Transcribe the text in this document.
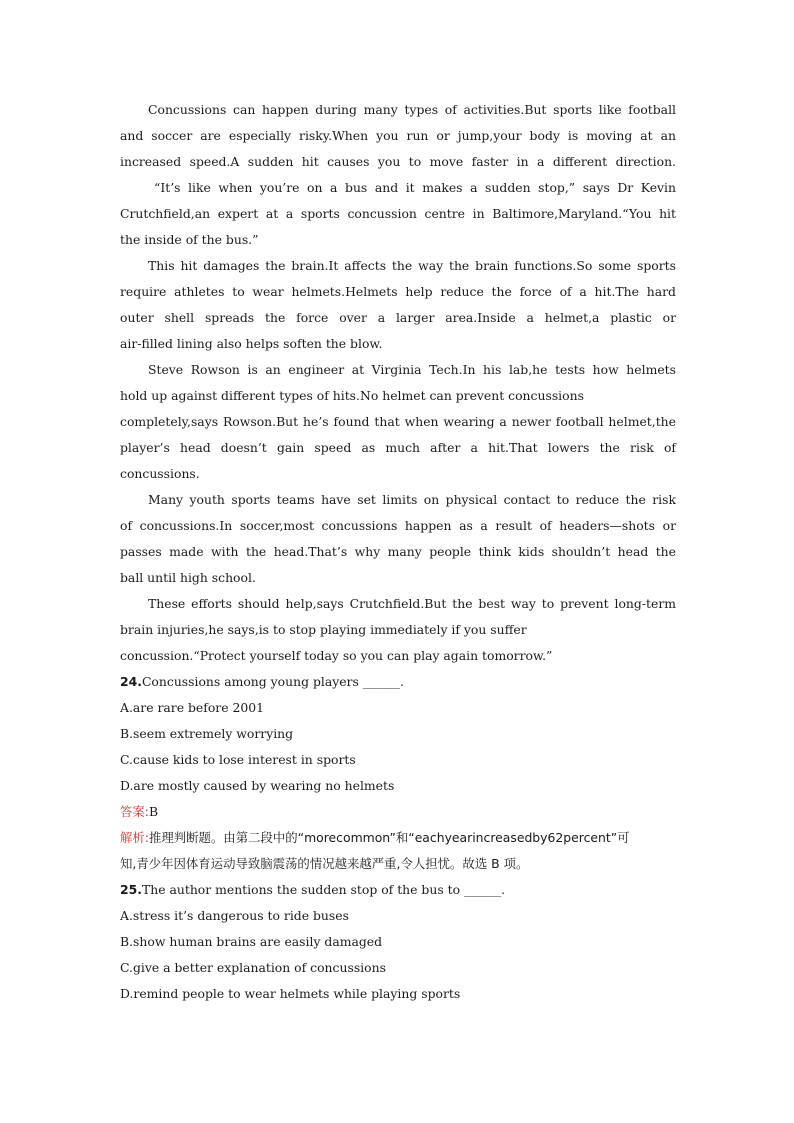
Concussions can happen during many types of activities.But sports like football
and soccer are especially risky.When you run or jump,your body is moving at an
increased speed.A sudden hit causes you to move faster in a different direction.
“It’s like when you’re on a bus and it makes a sudden stop,” says Dr Kevin
Crutchfield,an expert at a sports concussion centre in Baltimore,Maryland.“You hit
the inside of the bus.”
This hit damages the brain.It affects the way the brain functions.So some sports
require athletes to wear helmets.Helmets help reduce the force of a hit.The hard
outer shell spreads the force over a larger area.Inside a helmet,a plastic or
air-filled lining also helps soften the blow.
Steve Rowson is an engineer at Virginia Tech.In his lab,he tests how helmets
hold up against different types of hits.No helmet can prevent concussions
completely,says Rowson.But he’s found that when wearing a newer football helmet,the
player’s head doesn’t gain speed as much after a hit.That lowers the risk of
concussions.
Many youth sports teams have set limits on physical contact to reduce the risk
of concussions.In soccer,most concussions happen as a result of headers—shots or
passes made with the head.That’s why many people think kids shouldn’t head the
ball until high school.
These efforts should help,says Crutchfield.But the best way to prevent long-term
brain injuries,he says,is to stop playing immediately if you suffer
concussion.“Protect yourself today so you can play again tomorrow.”
24.Concussions among young players ______.
A.are rare before 2001
B.seem extremely worrying
C.cause kids to lose interest in sports
D.are mostly caused by wearing no helmets
答案:B
解析:推理判断题。由第二段中的“morecommon”和“eachyearincreasedby62percent”可
知,青少年因体育运动导致脑震荡的情况越来越严重,令人担忧。故选 B 项。
25.The author mentions the sudden stop of the bus to ______.
A.stress it’s dangerous to ride buses
B.show human brains are easily damaged
C.give a better explanation of concussions
D.remind people to wear helmets while playing sports
